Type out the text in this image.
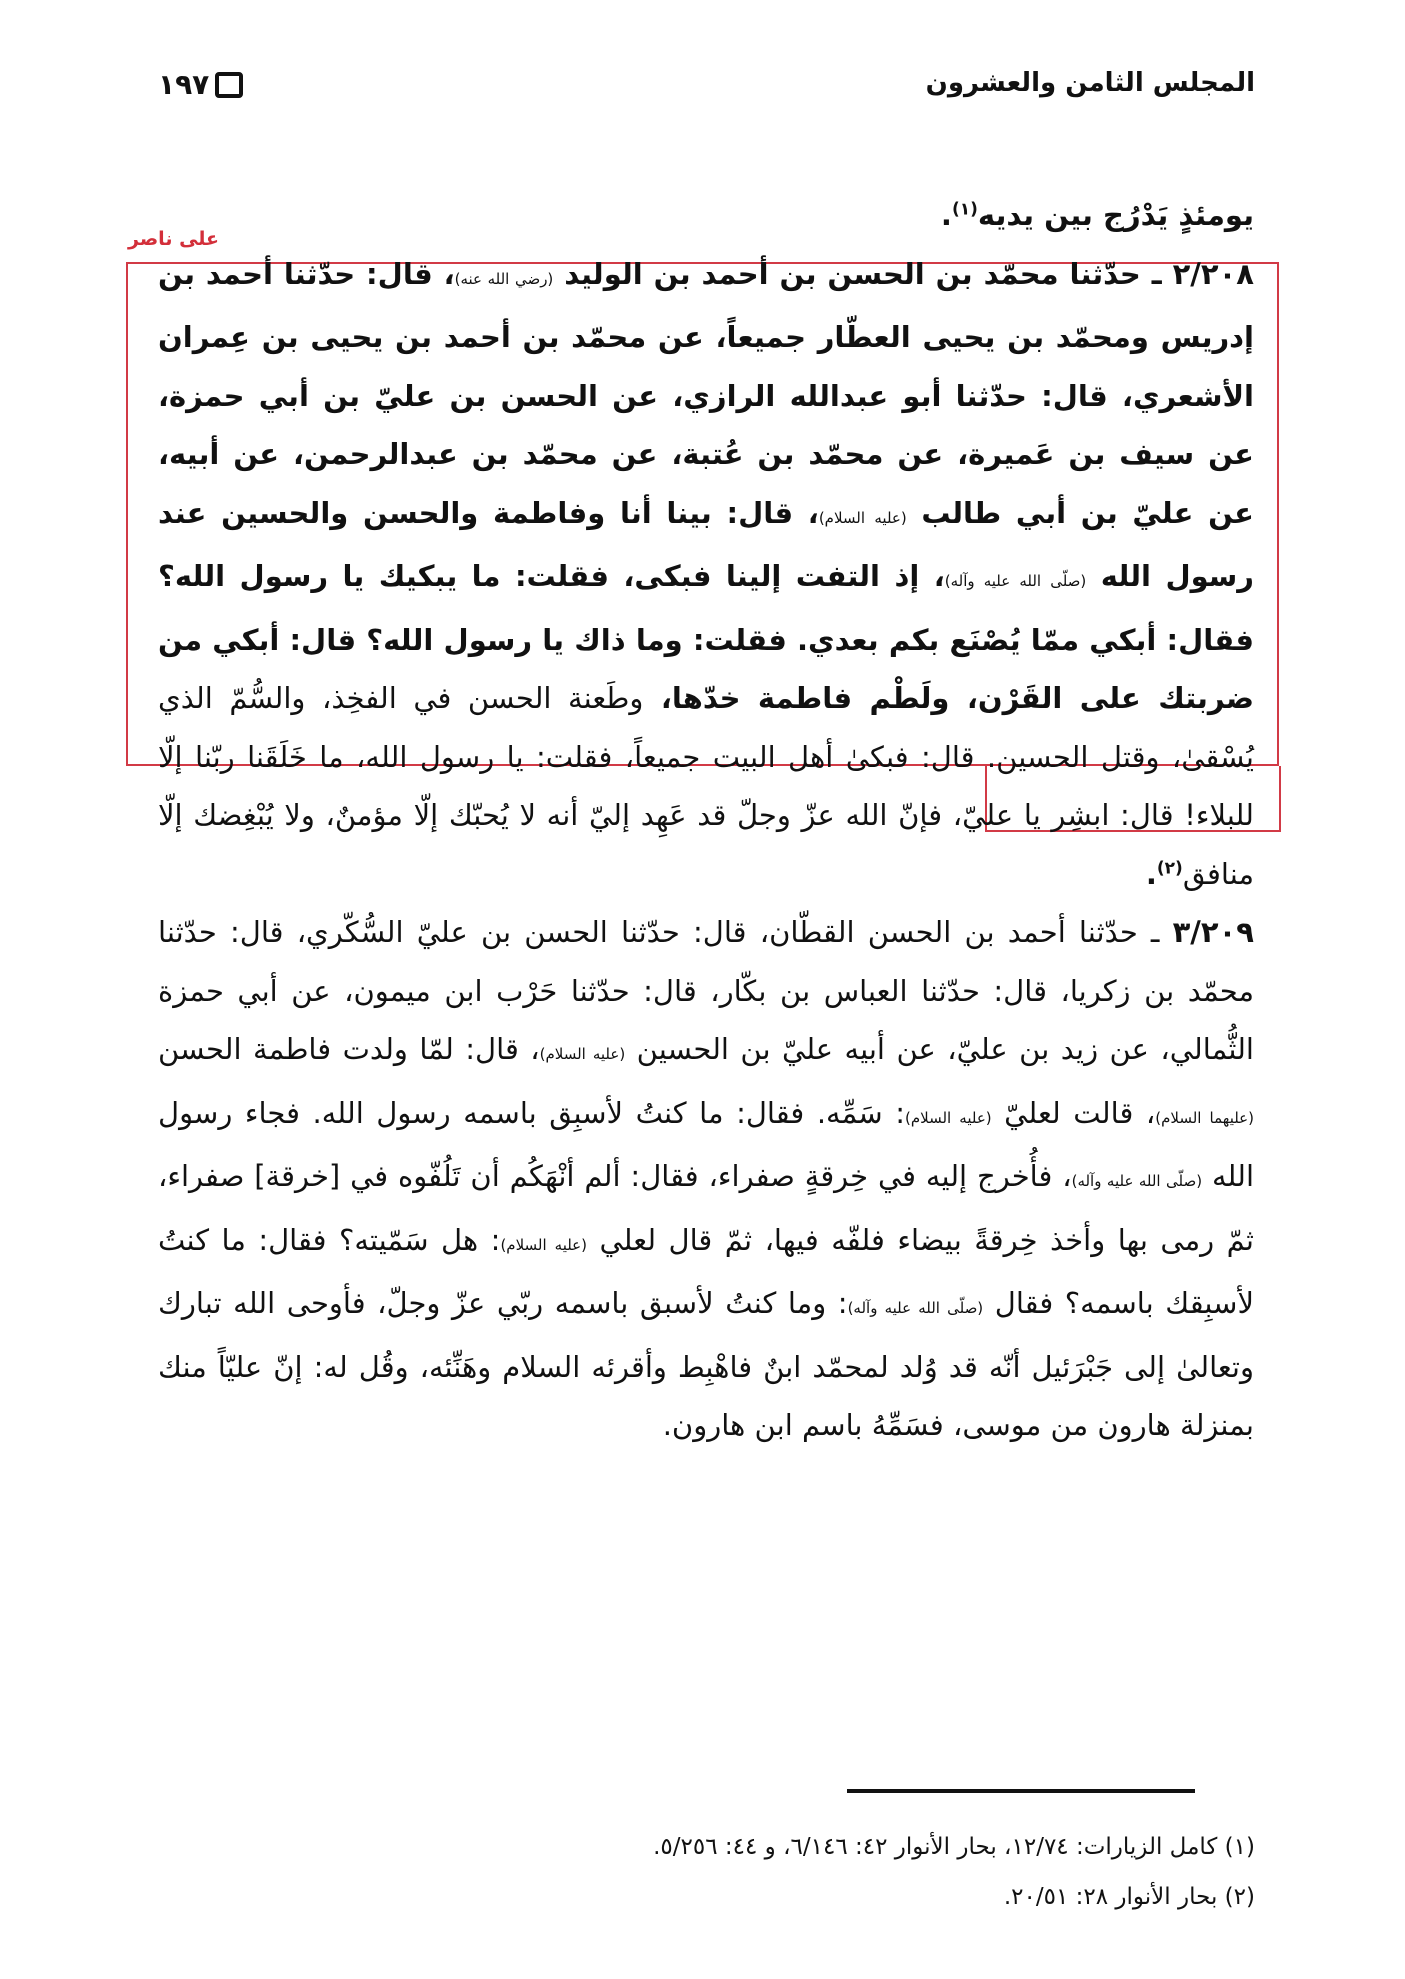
١٩٧	المجلس الثامن والعشرون
على ناصر

يومئذٍ يَدْرُج بين يديه$^{(١)}$.

٢/٢٠٨ ـ حدّثنا محمّد بن الحسن بن أحمد بن الوليد (رضي الله عنه)، قال: حدّثنا أحمد بن إدريس ومحمّد بن يحيى العطّار جميعاً، عن محمّد بن أحمد بن يحيى بن عِمران الأشعري، قال: حدّثنا أبو عبدالله الرازي، عن الحسن بن عليّ بن أبي حمزة، عن سيف بن عَميرة، عن محمّد بن عُتبة، عن محمّد بن عبدالرحمن، عن أبيه، عن عليّ بن أبي طالب (عليه السلام)، قال: بينا أنا وفاطمة والحسن والحسين عند رسول الله (صلّى الله عليه وآله)، إذ التفت إلينا فبكى، فقلت: ما يبكيك يا رسول الله؟ فقال: أبكي ممّا يُصْنَع بكم بعدي. فقلت: وما ذاك يا رسول الله؟ قال: أبكي من ضربتك على القَرْن، ولَطْم فاطمة خدّها، وطَعنة الحسن في الفخِذ، والسُّمّ الذي يُسْقىٰ، وقتل الحسين. قال: فبكىٰ أهل البيت جميعاً، فقلت: يا رسول الله، ما خَلَقَنا ربّنا إلّا للبلاء! قال: ابشِر يا عليّ، فإنّ الله عزّ وجلّ قد عَهِد إليّ أنه لا يُحبّك إلّا مؤمنٌ، ولا يُبْغِضك إلّا منافق$^{(٢)}$.

٣/٢٠٩ ـ حدّثنا أحمد بن الحسن القطّان، قال: حدّثنا الحسن بن عليّ السُّكّري، قال: حدّثنا محمّد بن زكريا، قال: حدّثنا العباس بن بكّار، قال: حدّثنا حَرْب ابن ميمون، عن أبي حمزة الثُّمالي، عن زيد بن عليّ، عن أبيه عليّ بن الحسين (عليه السلام)، قال: لمّا ولدت فاطمة الحسن (عليهما السلام)، قالت لعليّ (عليه السلام): سَمِّه. فقال: ما كنتُ لأسبِق باسمه رسول الله. فجاء رسول الله (صلّى الله عليه وآله)، فأُخرج إليه في خِرقةٍ صفراء، فقال: ألم أنْهَكُم أن تَلُفّوه في [خرقة] صفراء، ثمّ رمى بها وأخذ خِرقةً بيضاء فلفّه فيها، ثمّ قال لعلي (عليه السلام): هل سَمّيته؟ فقال: ما كنتُ لأسبِقك باسمه؟ فقال (صلّى الله عليه وآله): وما كنتُ لأسبق باسمه ربّي عزّ وجلّ، فأوحى الله تبارك وتعالىٰ إلى جَبْرَئيل أنّه قد وُلد لمحمّد ابنٌ فاهْبِط وأقرئه السلام وهَنِّئه، وقُل له: إنّ عليّاً منك بمنزلة هارون من موسى، فسَمِّهُ باسم ابن هارون.

(١) كامل الزيارات: ١٢/٧٤، بحار الأنوار ٤٢: ٦/١٤٦، و ٤٤: ٥/٢٥٦.

(٢) بحار الأنوار ٢٨: ٢٠/٥١.
